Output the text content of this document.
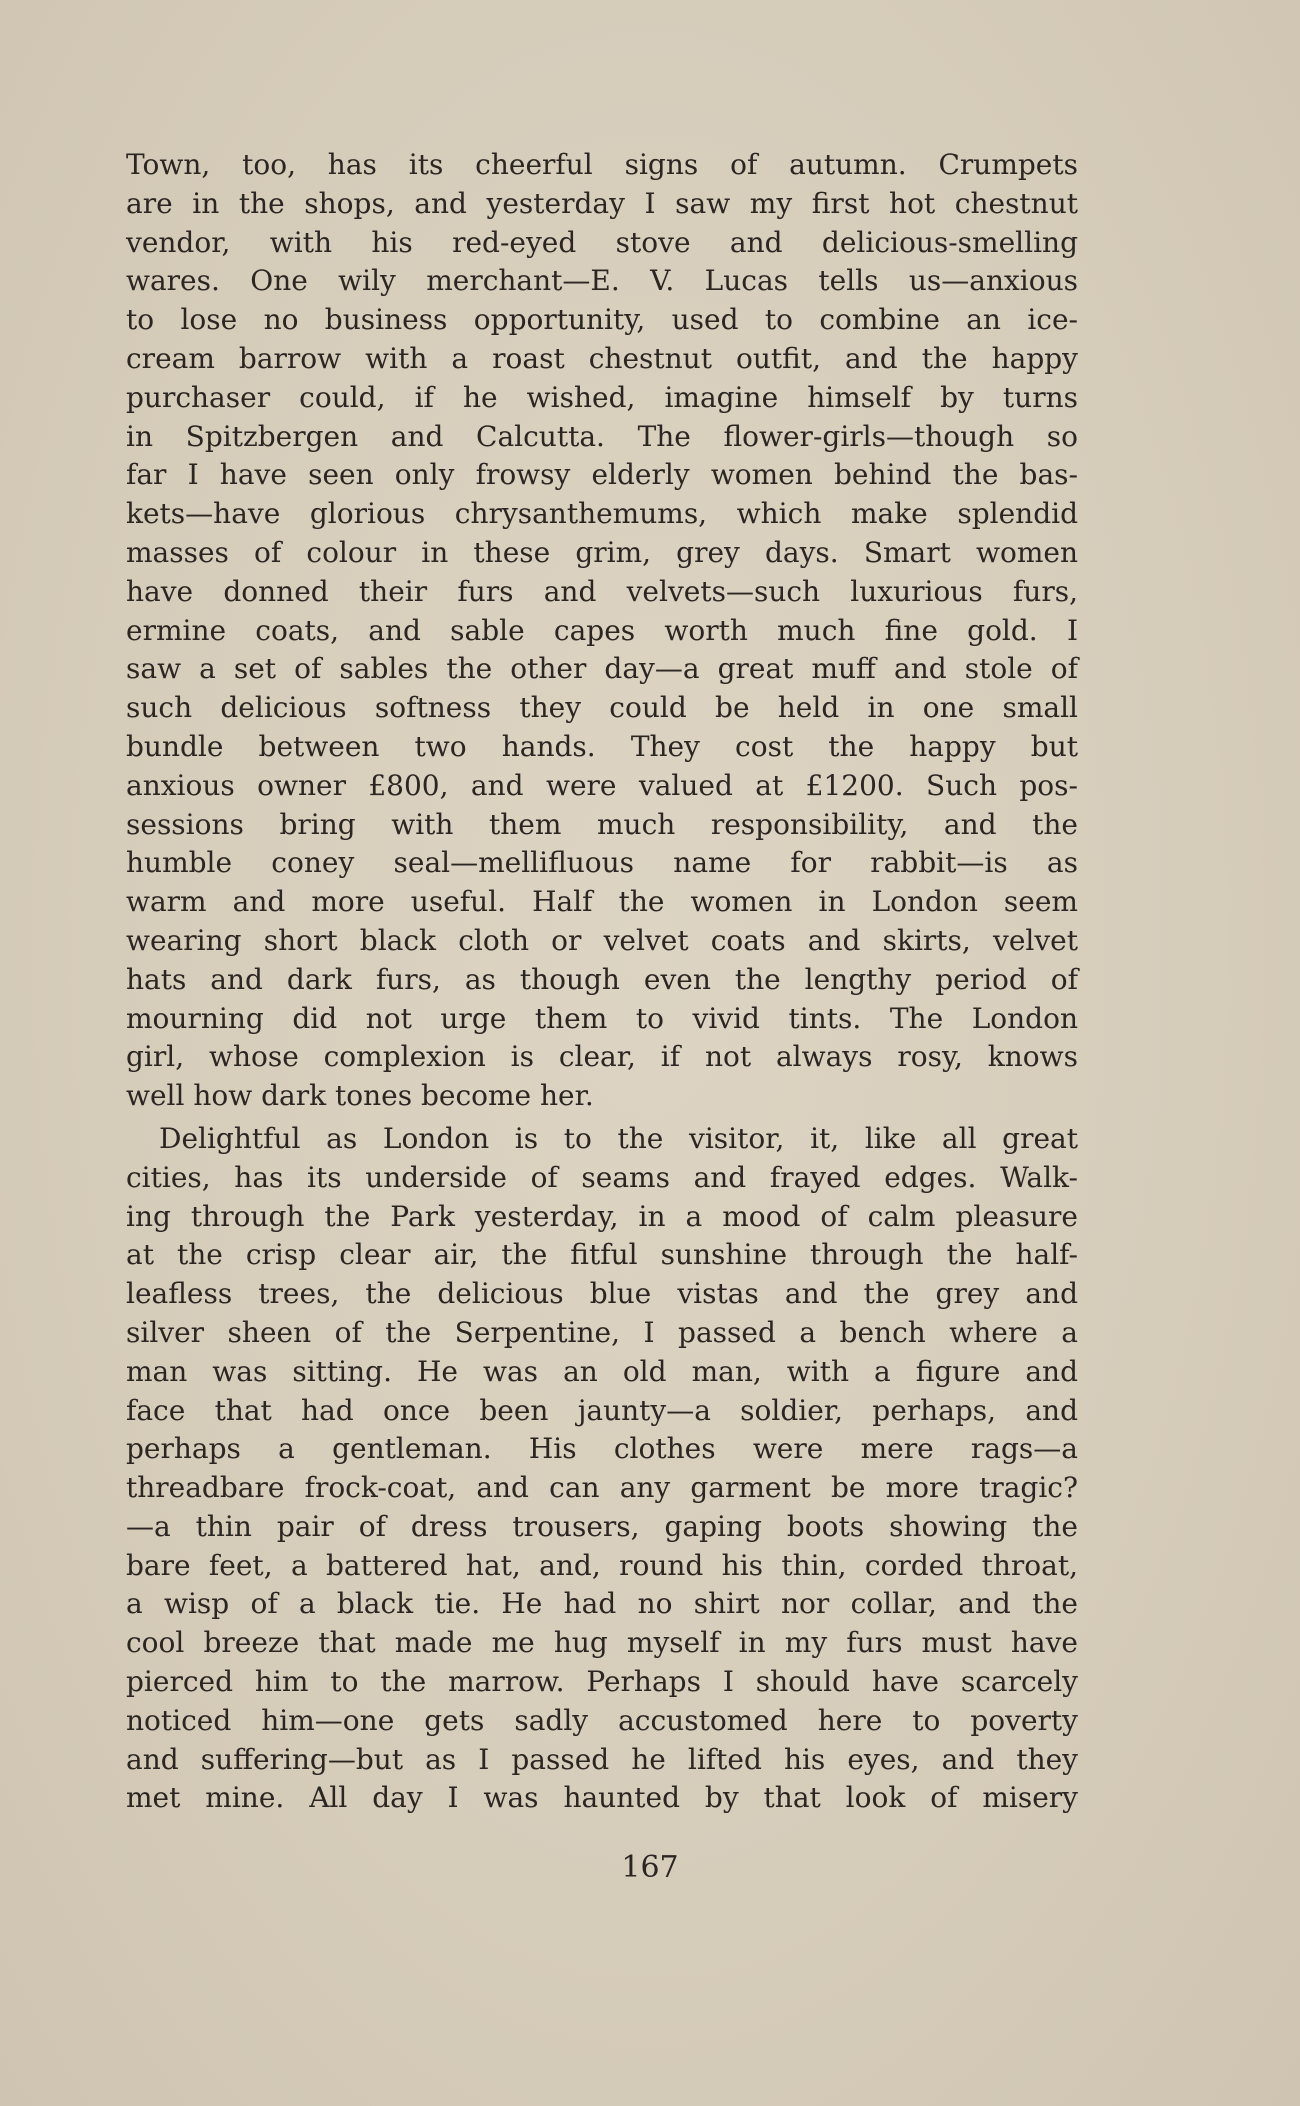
Town, too, has its cheerful signs of autumn. Crumpets
are in the shops, and yesterday I saw my first hot chestnut
vendor, with his red-eyed stove and delicious-smelling
wares. One wily merchant—E. V. Lucas tells us—anxious
to lose no business opportunity, used to combine an ice-
cream barrow with a roast chestnut outfit, and the happy
purchaser could, if he wished, imagine himself by turns
in Spitzbergen and Calcutta. The flower-girls—though so
far I have seen only frowsy elderly women behind the bas-
kets—have glorious chrysanthemums, which make splendid
masses of colour in these grim, grey days. Smart women
have donned their furs and velvets—such luxurious furs,
ermine coats, and sable capes worth much fine gold. I
saw a set of sables the other day—a great muff and stole of
such delicious softness they could be held in one small
bundle between two hands. They cost the happy but
anxious owner £800, and were valued at £1200. Such pos-
sessions bring with them much responsibility, and the
humble coney seal—mellifluous name for rabbit—is as
warm and more useful. Half the women in London seem
wearing short black cloth or velvet coats and skirts, velvet
hats and dark furs, as though even the lengthy period of
mourning did not urge them to vivid tints. The London
girl, whose complexion is clear, if not always rosy, knows
well how dark tones become her.
Delightful as London is to the visitor, it, like all great
cities, has its underside of seams and frayed edges. Walk-
ing through the Park yesterday, in a mood of calm pleasure
at the crisp clear air, the fitful sunshine through the half-
leafless trees, the delicious blue vistas and the grey and
silver sheen of the Serpentine, I passed a bench where a
man was sitting. He was an old man, with a figure and
face that had once been jaunty—a soldier, perhaps, and
perhaps a gentleman. His clothes were mere rags—a
threadbare frock-coat, and can any garment be more tragic?
—a thin pair of dress trousers, gaping boots showing the
bare feet, a battered hat, and, round his thin, corded throat,
a wisp of a black tie. He had no shirt nor collar, and the
cool breeze that made me hug myself in my furs must have
pierced him to the marrow. Perhaps I should have scarcely
noticed him—one gets sadly accustomed here to poverty
and suffering—but as I passed he lifted his eyes, and they
met mine. All day I was haunted by that look of misery
167
